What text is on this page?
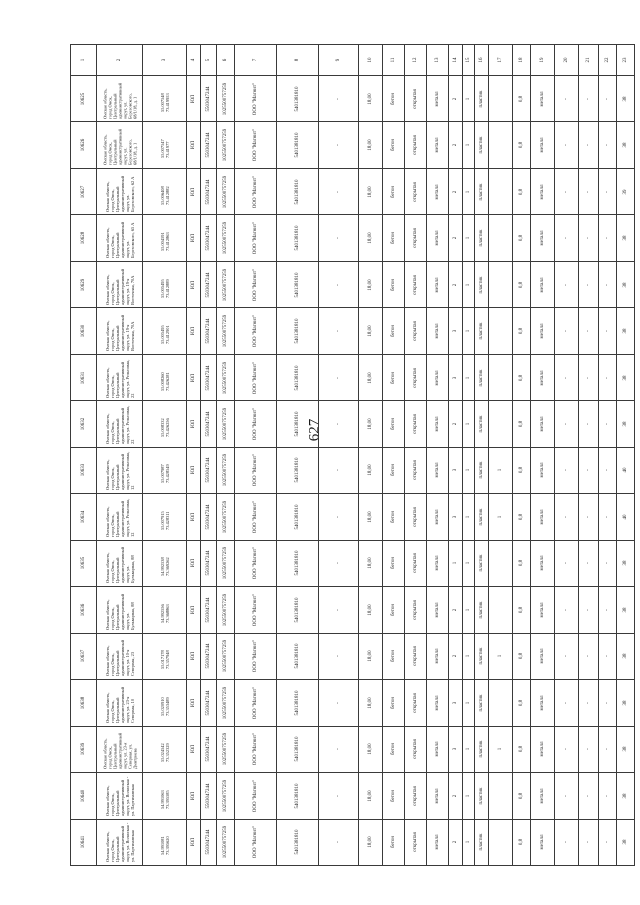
627
1	2	3	4	5	6	7	8	9	10	11	12	13	14	15	16	17	18	19	20	21	22	23

10625	Омская область, город Омск, Центральный административный округ, ул. Березовского, 68/1/18, д. 1	55.007548 73.419953	ЮЛ	5503047244	1025500757259	ООО "Магнит"	5401381810	-	18,00	бетон	открытая	металл	2	1	пластик		0,8	металл	-	-	-	38

10626	Омская область, город Омск, Центральный административный округ, ул. Березовского, 68/1/18, д. 1	55.007547 73.41977	ЮЛ	5503047244	1025500757259	ООО "Магнит"	5401381810	-	18,00	бетон	открытая	металл	2	1	пластик		0,8	металл	-	-	-	38

10627	Омская область, город Омск, Центральный административный округ, ул. Березовского, 62 А	55.006408 73.412882	ЮЛ	5503047244	1025500757259	ООО "Магнит"	5401381810	-	18,00	бетон	открытая	металл	2	1	пластик		0,8	металл	-	-	-	39

10628	Омская область, город Омск, Центральный административный округ, ул. Березовского, 65 А	55.004591 73.412863	ЮЛ	5503047244	1025500757259	ООО "Магнит"	5401381810	-	18,00	бетон	открытая	металл	2	1	пластик		0,8	металл	-	-	-	38

10629	Омская область, город Омск, Центральный административный округ, ул. 19-я Восточная, 70А	55.005495 73.412889	ЮЛ	5503047244	1025500757259	ООО "Магнит"	5401381810	-	18,00	бетон	открытая	металл	2	1	пластик		0,8	металл	-	-	-	38

10630	Омская область, город Омск, Центральный административный округ, ул. 19-я Восточная, 70А	55.005495 73.412901	ЮЛ	5503047244	1025500757259	ООО "Магнит"	5401381810	-	18,00	бетон	открытая	металл	3	1	пластик		0,8	металл	-	-	-	38

10631	Омская область, город Омск, Центральный административный округ, ул. Рельсовая, 22	55.008260 73.426281	ЮЛ	5503047244	1025500757259	ООО "Магнит"	5401381810	-	18,00	бетон	открытая	металл	3	1	пластик		0,8	металл	-	-	-	38

10632	Омская область, город Омск, Центральный административный округ, ул. Рельсовая, 22	55.008332 73.426256	ЮЛ	5503047244	1025500757259	ООО "Магнит"	5401381810	-	18,00	бетон	открытая	металл	2	1	пластик		0,8	металл	-	-	-	38

10633	Омская область, город Омск, Центральный административный округ, ул. Рельсовая, 12	55.007987 73.428549	ЮЛ	5503047244	1025500757259	ООО "Магнит"	5401381810	-	18,00	бетон	открытая	металл	3	1	пластик	1	0,8	металл	-	-	-	40

10634	Омская область, город Омск, Центральный административный округ, ул. Рельсовая, 12	55.007915 73.428311	ЮЛ	5503047244	1025500757259	ООО "Магнит"	5401381810	-	18,00	бетон	открытая	металл	3	1	пластик	1	0,8	металл	-	-	-	40

10635	Омская область, город Омск, Центральный административный округ, ул. Бульварная, 88	54.992538 73.369262	ЮЛ	5503047244	1025500757259	ООО "Магнит"	5401381810	-	18,00	бетон	открытая	металл	1	1	пластик		0,8	металл	-	-	-	38

10636	Омская область, город Омск, Центральный административный округ, ул. Бульварная, 88	54.992556 73.368863	ЮЛ	5503047244	1025500757259	ООО "Магнит"	5401381810	-	18,00	бетон	открытая	металл	2	1	пластик		0,8	металл	-	-	-	38

10637	Омская область, город Омск, Центральный административный округ, ул. 10-я Северная, 23	55.017178 73.357948	ЮЛ	5503047244	1025500757259	ООО "Магнит"	5401381810	-	18,00	бетон	открытая	металл	2	1	пластик	1	0,8	металл	-	-	-	38

10638	Омская область, город Омск, Центральный административный округ, ул. 23-я Северная, 10	55.020910 73.353489	ЮЛ	5503047244	1025500757259	ООО "Магнит"	5401381810	-	18,00	бетон	открытая	металл	3	1	пластик		0,8	металл	-	-	-	38

10639	Омская область, город Омск, Центральный административный округ, ул. 23-я Северная, ул. Дмитриева	55.024542 73.352329	ЮЛ	5503047244	1025500757259	ООО "Магнит"	5401381810	-	18,00	бетон	открытая	металл	3	1	пластик	1	0,8	металл	-	-	-	38

10640	Омская область, город Омск, Центральный административный округ, ул. Волжская - ул. Партизанская	54.991063 73.395585	ЮЛ	5503047244	1025500757259	ООО "Магнит"	5401381810	-	18,00	бетон	открытая	металл	2	1	пластик		0,8	металл	-	-	-	38

10641	Омская область, город Омск, Центральный административный округ, ул. Волжская - ул. Партизанская	54.991081 73.395620	ЮЛ	5503047244	1025500757259	ООО "Магнит"	5401381810	-	18,00	бетон	открытая	металл	2	1	пластик		0,8	металл	-	-	-	38
